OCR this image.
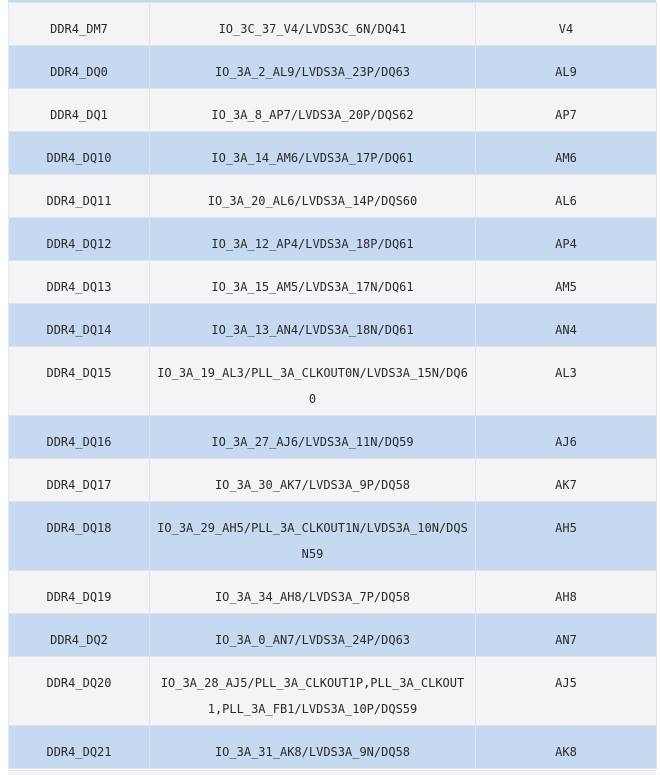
DDR4_DM7	IO_3C_37_V4/LVDS3C_6N/DQ41	V4
DDR4_DQ0	IO_3A_2_AL9/LVDS3A_23P/DQ63	AL9
DDR4_DQ1	IO_3A_8_AP7/LVDS3A_20P/DQS62	AP7
DDR4_DQ10	IO_3A_14_AM6/LVDS3A_17P/DQ61	AM6
DDR4_DQ11	IO_3A_20_AL6/LVDS3A_14P/DQS60	AL6
DDR4_DQ12	IO_3A_12_AP4/LVDS3A_18P/DQ61	AP4
DDR4_DQ13	IO_3A_15_AM5/LVDS3A_17N/DQ61	AM5
DDR4_DQ14	IO_3A_13_AN4/LVDS3A_18N/DQ61	AN4
DDR4_DQ15	IO_3A_19_AL3/PLL_3A_CLKOUT0N/LVDS3A_15N/DQ60	AL3
DDR4_DQ16	IO_3A_27_AJ6/LVDS3A_11N/DQ59	AJ6
DDR4_DQ17	IO_3A_30_AK7/LVDS3A_9P/DQ58	AK7
DDR4_DQ18	IO_3A_29_AH5/PLL_3A_CLKOUT1N/LVDS3A_10N/DQSN59	AH5
DDR4_DQ19	IO_3A_34_AH8/LVDS3A_7P/DQ58	AH8
DDR4_DQ2	IO_3A_0_AN7/LVDS3A_24P/DQ63	AN7
DDR4_DQ20	IO_3A_28_AJ5/PLL_3A_CLKOUT1P,PLL_3A_CLKOUT1,PLL_3A_FB1/LVDS3A_10P/DQS59	AJ5
DDR4_DQ21	IO_3A_31_AK8/LVDS3A_9N/DQ58	AK8
